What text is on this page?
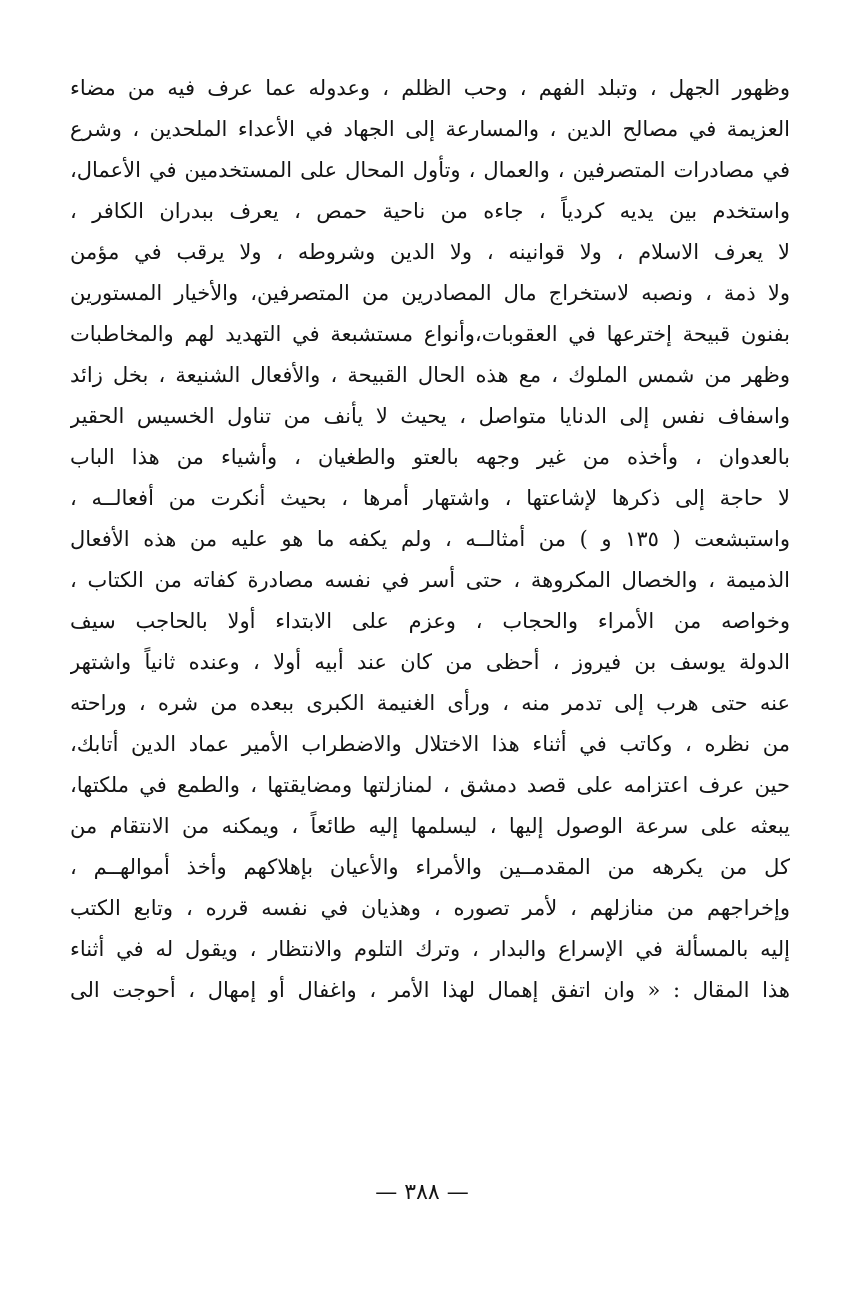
وظهور الجهل ، وتبلد الفهم ، وحب الظلم ، وعدوله عما عرف فيه من مضاء
العزيمة في مصالح الدين ، والمسارعة إلى الجهاد في الأعداء الملحدين ، وشرع
في مصادرات المتصرفين ، والعمال ، وتأول المحال على المستخدمين في الأعمال،
واستخدم بين يديه كردياً ، جاءه من ناحية حمص ، يعرف ببدران الكافر ،
لا يعرف الاسلام ، ولا قوانينه ، ولا الدين وشروطه ، ولا يرقب في مؤمن
ولا ذمة ، ونصبه لاستخراج مال المصادرين من المتصرفين، والأخيار المستورين
بفنون قبيحة إخترعها في العقوبات،وأنواع مستشبعة في التهديد لهم والمخاطبات
وظهر من شمس الملوك ، مع هذه الحال القبيحة ، والأفعال الشنيعة ، بخل زائد
واسفاف نفس إلى الدنايا متواصل ، يحيث لا يأنف من تناول الخسيس الحقير
بالعدوان ، وأخذه من غير وجهه بالعتو والطغيان ، وأشياء من هذا الباب
لا حاجة إلى ذكرها لإشاعتها ، واشتهار أمرها ، بحيث أنكرت من أفعالــه ،
واستبشعت ( ١٣٥ و ) من أمثالــه ، ولم يكفه ما هو عليه من هذه الأفعال
الذميمة ، والخصال المكروهة ، حتى أسر في نفسه مصادرة كفاته من الكتاب ،
وخواصه من الأمراء والحجاب ، وعزم على الابتداء أولا بالحاجب سيف
الدولة يوسف بن فيروز ، أحظى من كان عند أبيه أولا ، وعنده ثانياً واشتهر
عنه حتى هرب إلى تدمر منه ، ورأى الغنيمة الكبرى ببعده من شره ، وراحته
من نظره ، وكاتب في أثناء هذا الاختلال والاضطراب الأمير عماد الدين أتابك،
حين عرف اعتزامه على قصد دمشق ، لمنازلتها ومضايقتها ، والطمع في ملكتها،
يبعثه على سرعة الوصول إليها ، ليسلمها إليه طائعاً ، ويمكنه من الانتقام من
كل من يكرهه من المقدمــين والأمراء والأعيان بإهلاكهم وأخذ أموالهــم ،
وإخراجهم من منازلهم ، لأمر تصوره ، وهذيان في نفسه قرره ، وتابع الكتب
إليه بالمسألة في الإسراع والبدار ، وترك التلوم والانتظار ، ويقول له في أثناء
هذا المقال : « وان اتفق إهمال لهذا الأمر ، واغفال أو إمهال ، أحوجت الى
— ٣٨٨ —
